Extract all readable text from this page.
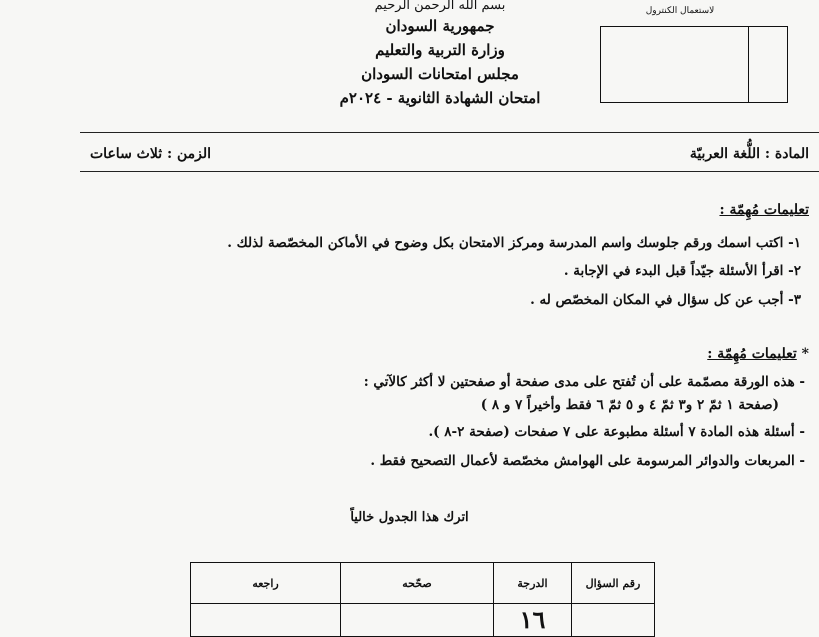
بسم الله الرحمن الرحيم
جمهورية السودان
وزارة التربية والتعليم
مجلس امتحانات السودان
امتحان الشهادة الثانوية - ٢٠٢٤م
لاستعمال الكنترول
المادة : اللُّغة العربيّة
الزمن : ثلاث ساعات
تعليمات مُهِمّة :
١- اكتب اسمك ورقم جلوسك واسم المدرسة ومركز الامتحان بكل وضوح في الأماكن المخصّصة لذلك .
٢- اقرأ الأسئلة جيّداً قبل البدء في الإجابة .
٣- أجب عن كل سؤال في المكان المخصّص له .
* تعليمات مُهِمّة :
- هذه الورقة مصمّمة على أن تُفتح على مدى صفحة أو صفحتين لا أكثر كالآتي :
(صفحة ١ ثمّ ٢ و٣ ثمّ ٤ و ٥ ثمّ ٦ فقط وأخيراً ٧ و ٨ )
- أسئلة هذه المادة ٧ أسئلة مطبوعة على ٧ صفحات (صفحة ٢-٨ ).
- المربعات والدوائر المرسومة على الهوامش مخصّصة لأعمال التصحيح فقط .
اترك هذا الجدول خالياً
رقم السؤال	الدرجة	صحّحه	راجعه
	١٦		
